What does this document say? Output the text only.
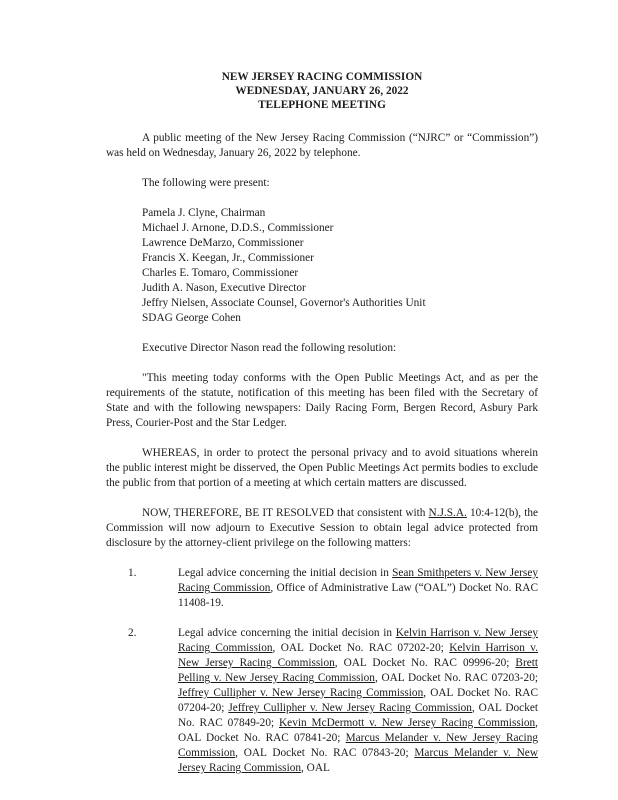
NEW JERSEY RACING COMMISSION
WEDNESDAY, JANUARY 26, 2022
TELEPHONE MEETING

A public meeting of the New Jersey Racing Commission (“NJRC” or “Commission”) was held on Wednesday, January 26, 2022 by telephone.

The following were present:

Pamela J. Clyne, Chairman
Michael J. Arnone, D.D.S., Commissioner
Lawrence DeMarzo, Commissioner
Francis X. Keegan, Jr., Commissioner
Charles E. Tomaro, Commissioner
Judith A. Nason, Executive Director
Jeffry Nielsen, Associate Counsel, Governor's Authorities Unit
SDAG George Cohen

Executive Director Nason read the following resolution:

"This meeting today conforms with the Open Public Meetings Act, and as per the requirements of the statute, notification of this meeting has been filed with the Secretary of State and with the following newspapers: Daily Racing Form, Bergen Record, Asbury Park Press, Courier-Post and the Star Ledger.

WHEREAS, in order to protect the personal privacy and to avoid situations wherein the public interest might be disserved, the Open Public Meetings Act permits bodies to exclude the public from that portion of a meeting at which certain matters are discussed.

NOW, THEREFORE, BE IT RESOLVED that consistent with N.J.S.A. 10:4-12(b), the Commission will now adjourn to Executive Session to obtain legal advice protected from disclosure by the attorney-client privilege on the following matters:

1.	Legal advice concerning the initial decision in Sean Smithpeters v. New Jersey Racing Commission, Office of Administrative Law (“OAL”) Docket No. RAC 11408-19.
2.	Legal advice concerning the initial decision in Kelvin Harrison v. New Jersey Racing Commission, OAL Docket No. RAC 07202-20; Kelvin Harrison v. New Jersey Racing Commission, OAL Docket No. RAC 09996-20; Brett Pelling v. New Jersey Racing Commission, OAL Docket No. RAC 07203-20; Jeffrey Cullipher v. New Jersey Racing Commission, OAL Docket No. RAC 07204-20; Jeffrey Cullipher v. New Jersey Racing Commission, OAL Docket No. RAC 07849-20; Kevin McDermott v. New Jersey Racing Commission, OAL Docket No. RAC 07841-20; Marcus Melander v. New Jersey Racing Commission, OAL Docket No. RAC 07843-20; Marcus Melander v. New Jersey Racing Commission, OAL
